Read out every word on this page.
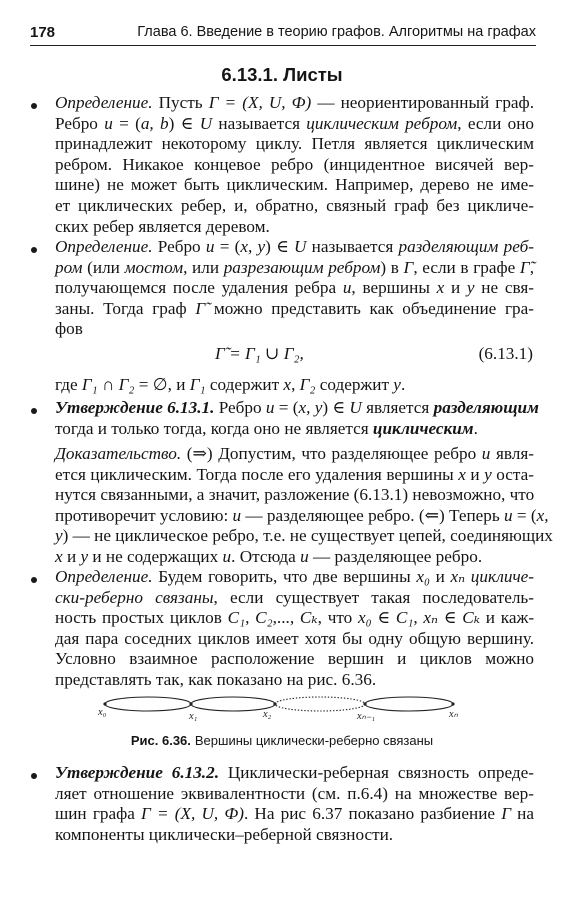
178	Глава 6. Введение в теорию графов. Алгоритмы на графах
6.13.1. Листы
Определение. Пусть Г = (X, U, Ф) — неориентированный граф.
Ребро u = (a, b) ∈ U называется циклическим ребром, если оно
принадлежит некоторому циклу. Петля является циклическим
ребром. Никакое концевое ребро (инцидентное висячей вер-
шине) не может быть циклическим. Например, дерево не име-
ет циклических ребер, и, обратно, связный граф без цикличе-
ских ребер является деревом.
Определение. Ребро u = (x, y) ∈ U называется разделяющим реб-
ром (или мостом, или разрезающим ребром) в Г, если в графе Г̃,
получающемся после удаления ребра u, вершины x и y не свя-
заны. Тогда граф Г̃ можно представить как объединение гра-
фов
Г̃ = Г₁ ∪ Г₂,	(6.13.1)
где Г₁ ∩ Г₂ = ∅, и Г₁ содержит x, Г₂ содержит y.
Утверждение 6.13.1. Ребро u = (x, y) ∈ U является разделяющим
тогда и только тогда, когда оно не является циклическим.
Доказательство. (⇒) Допустим, что разделяющее ребро u явля-
ется циклическим. Тогда после его удаления вершины x и y оста-
нутся связанными, а значит, разложение (6.13.1) невозможно, что
противоречит условию: u — разделяющее ребро. (⇐) Теперь u = (x,
y) — не циклическое ребро, т.е. не существует цепей, соединяющих
x и y и не содержащих u. Отсюда u — разделяющее ребро.
Определение. Будем говорить, что две вершины x₀ и xₙ цикличе-
ски-реберно связаны, если существует такая последователь-
ность простых циклов C₁, C₂,..., Cₖ, что x₀ ∈ C₁, xₙ ∈ Cₖ и каж-
дая пара соседних циклов имеет хотя бы одну общую вершину.
Условно взаимное расположение вершин и циклов можно
представлять так, как показано на рис. 6.36.
x₀	x₁	x₂	xₙ₋₁	xₙ
Рис. 6.36. Вершины циклически-реберно связаны
Утверждение 6.13.2. Циклически-реберная связность опреде-
ляет отношение эквивалентности (см. п.6.4) на множестве вер-
шин графа Г = (X, U, Ф). На рис 6.37 показано разбиение Г на
компоненты циклически–реберной связности.
